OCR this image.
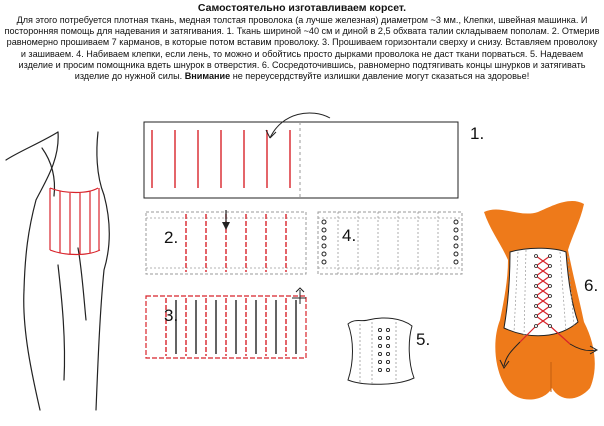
Самостоятельно изготавливаем корсет.
Для этого потребуется плотная ткань, медная толстая проволока (а лучше железная) диаметром ~3 мм., Клепки, швейная машинка. И посторонняя помощь для надевания и затягивания. 1. Ткань шириной ~40 см и диной в 2,5 обхвата талии складываем пополам. 2. Отмерив равномерно прошиваем 7 карманов, в которые потом вставим проволоку. 3. Прошиваем горизонтали сверху и снизу. Вставляем проволоку и зашиваем. 4. Набиваем клепки, если лень, то можно и обойтись просто дырками проволока не даст ткани порваться. 5. Надеваем изделие и просим помощника вдеть шнурок в отверстия. 6. Сосредоточившись, равномерно подтягивать концы шнурков и затягивать изделие до нужной силы. Внимание не переусердствуйте излишки давление могут сказаться на здоровье!
1.
2.
3.
4.
5.
6.
